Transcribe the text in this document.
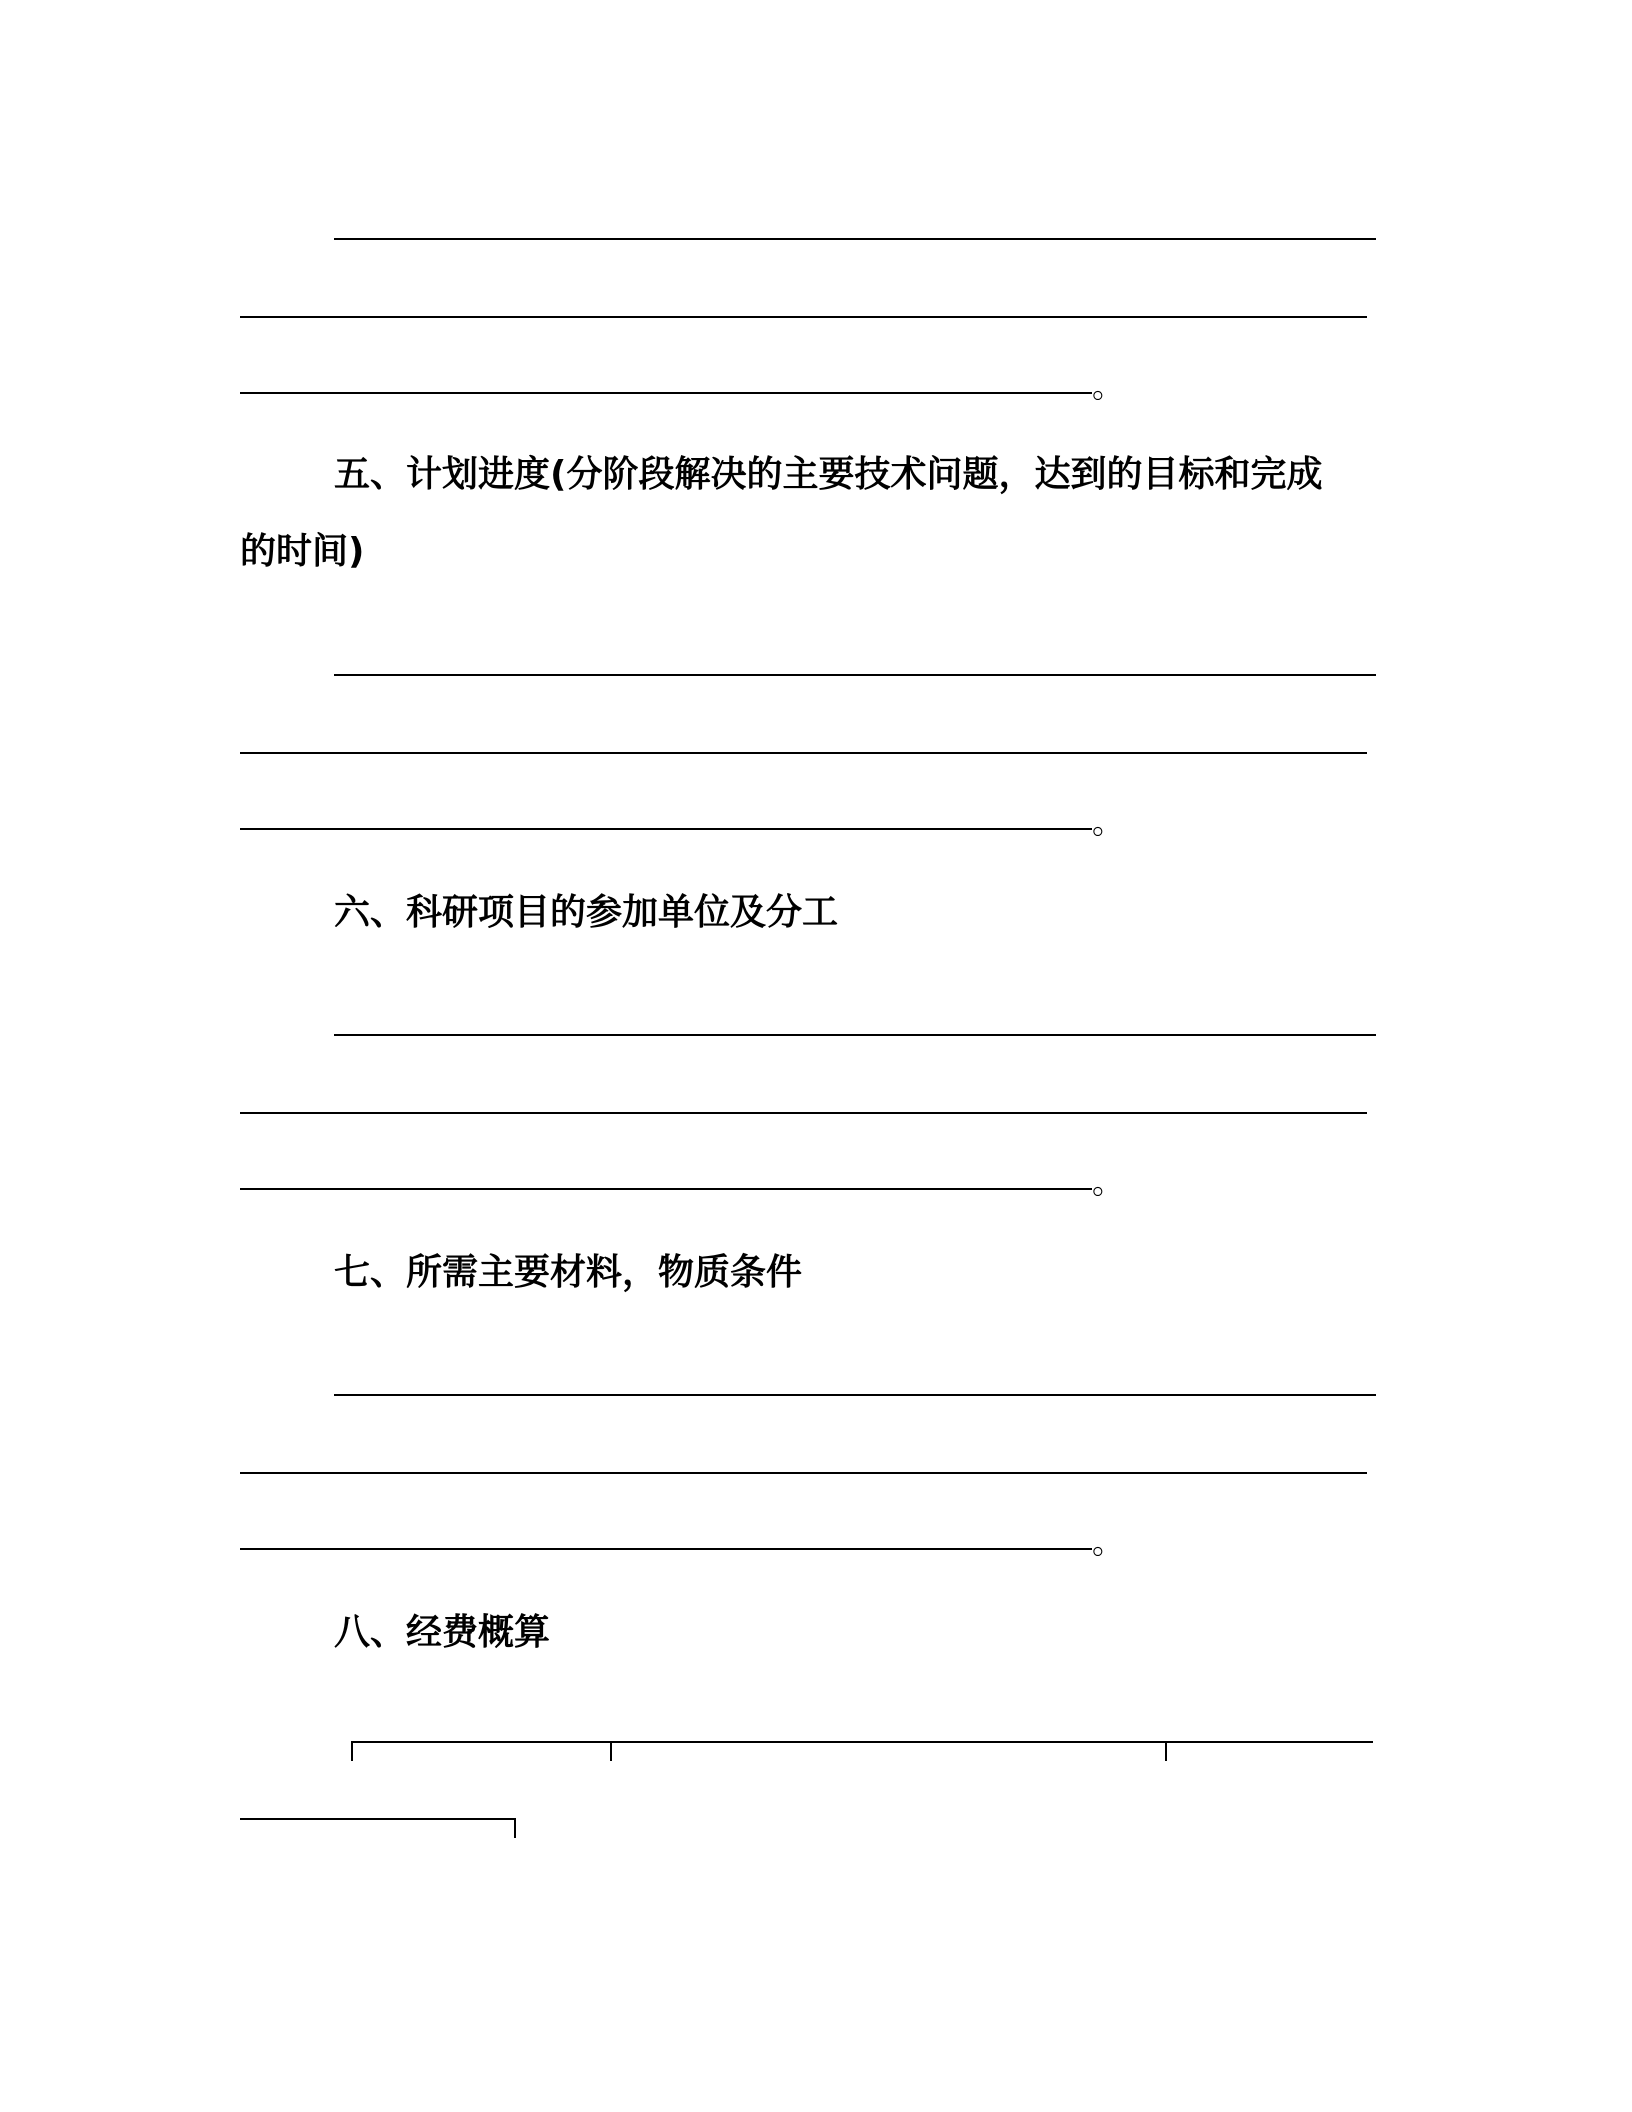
。
五、计划进度(分阶段解决的主要技术问题，达到的目标和完成
的时间)
。
六、科研项目的参加单位及分工
。
七、所需主要材料，物质条件
。
八、经费概算
